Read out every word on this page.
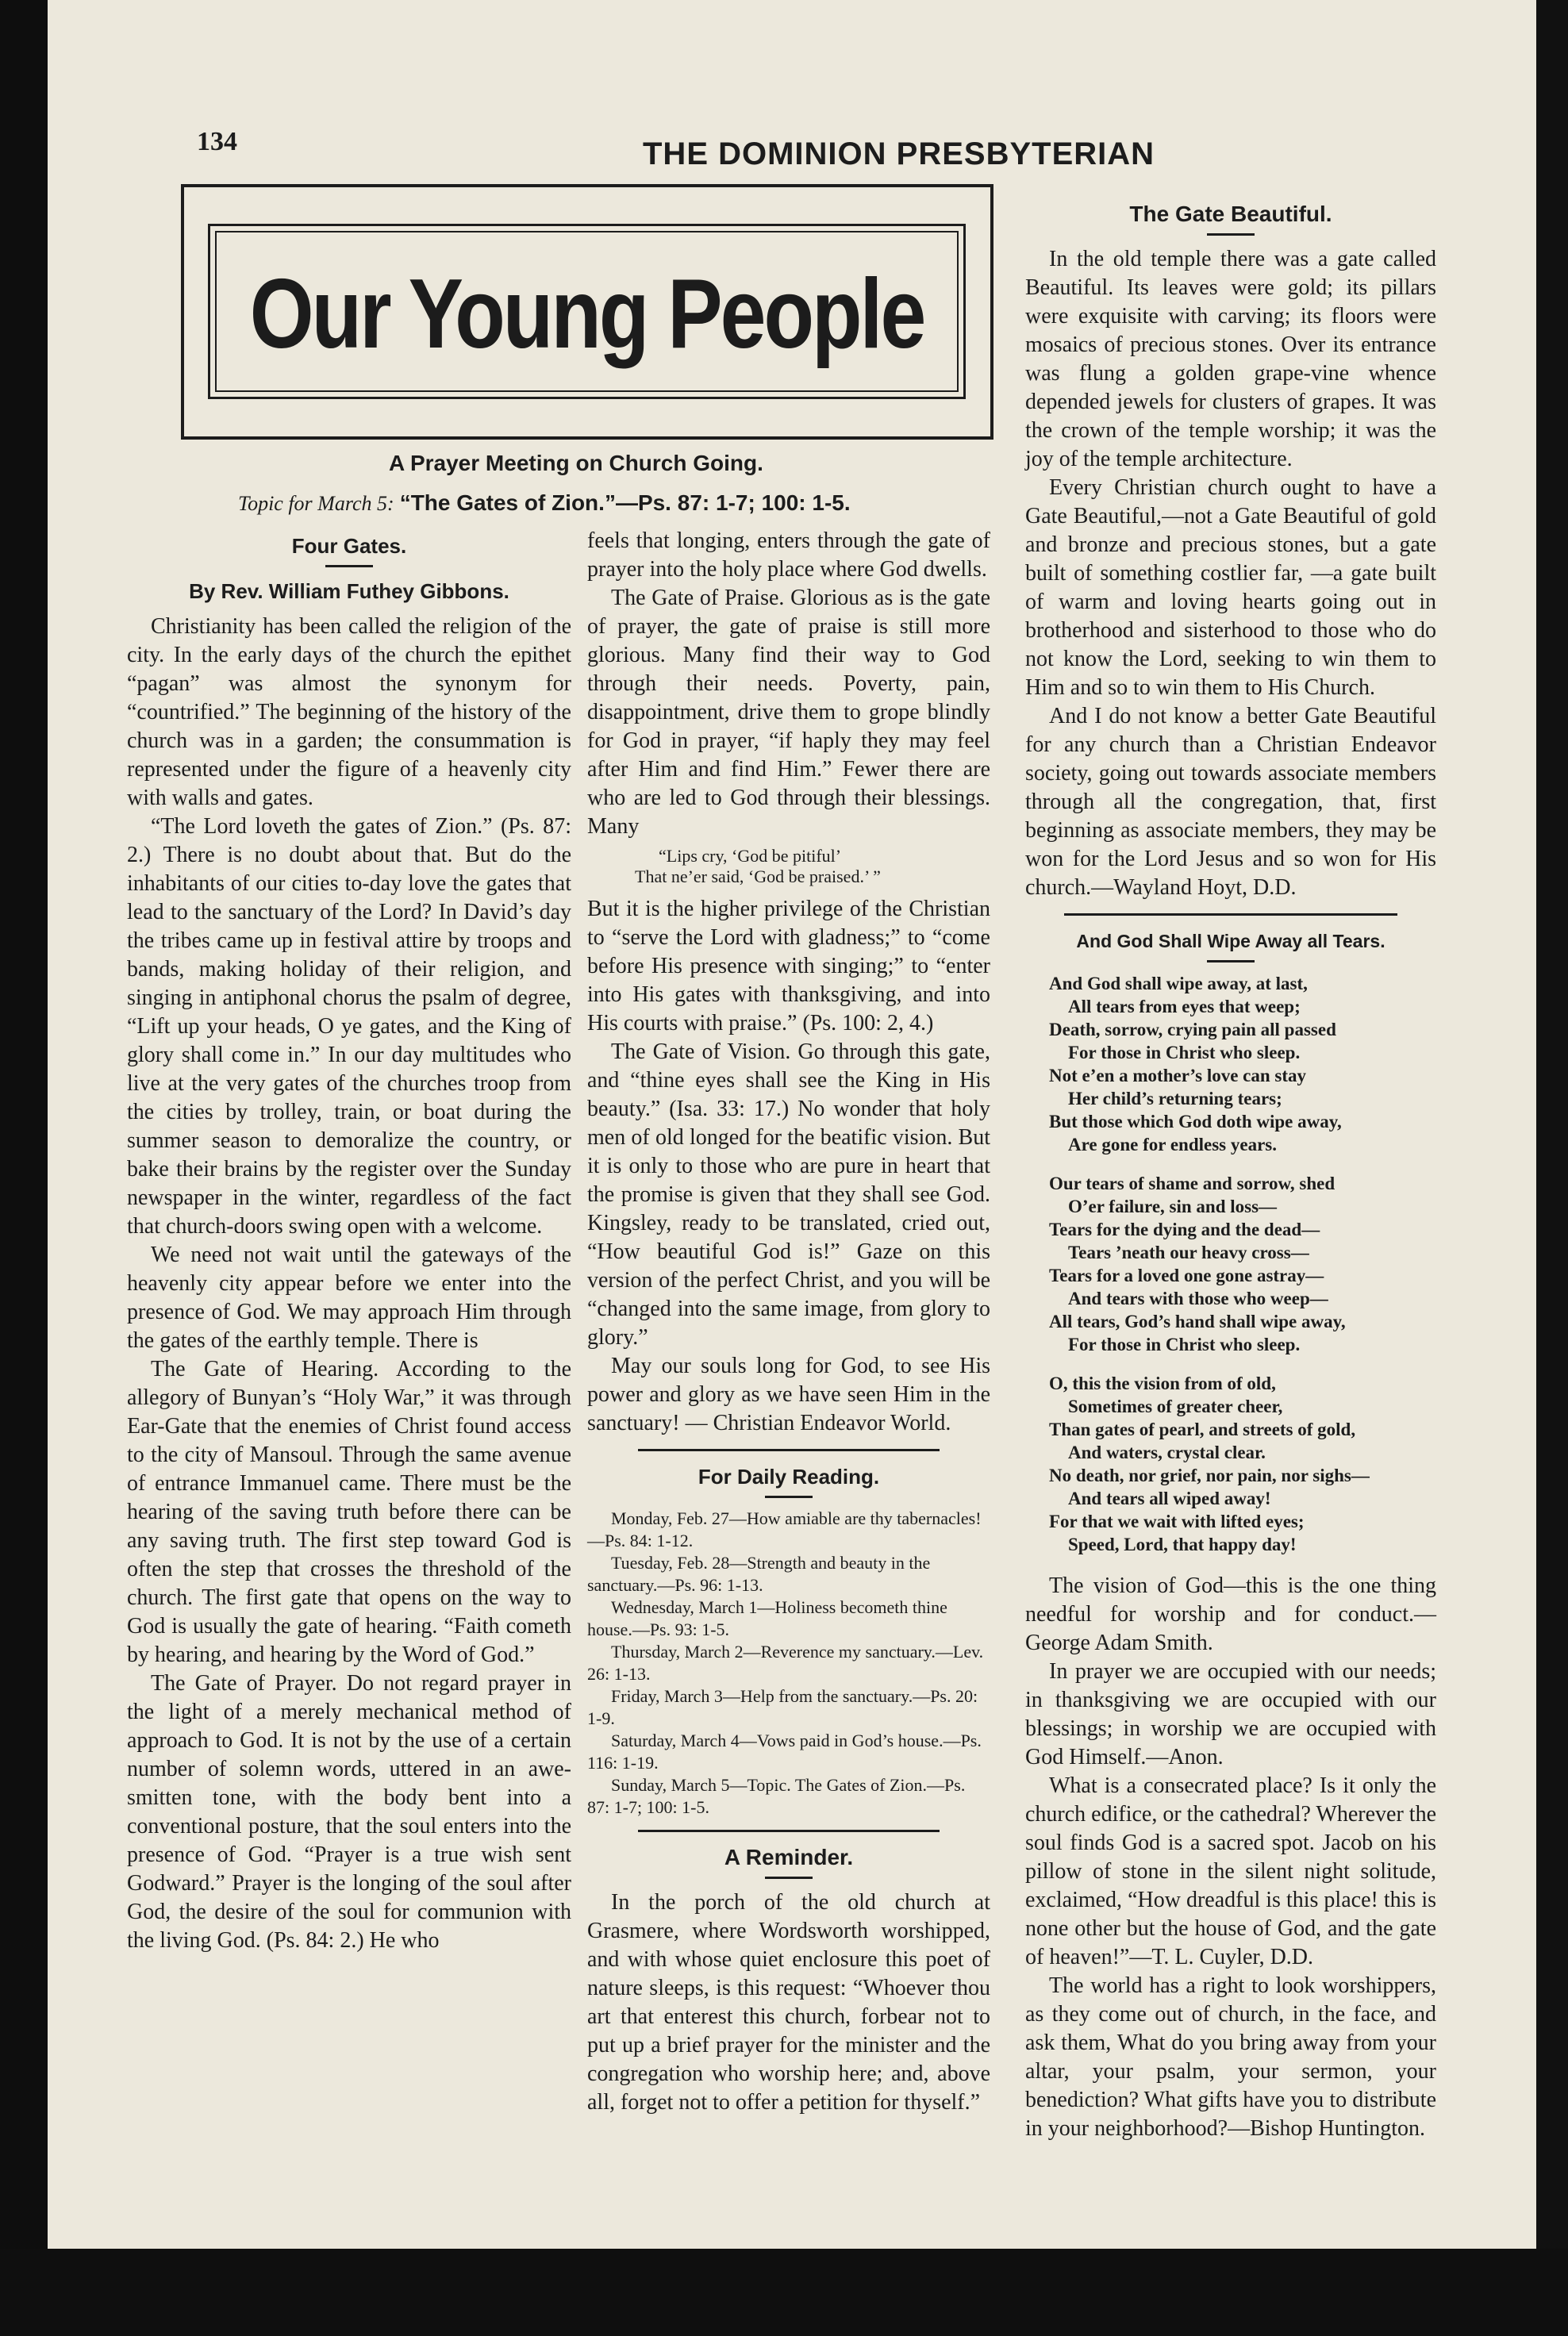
134	THE DOMINION PRESBYTERIAN
Our Young People
A Prayer Meeting on Church Going.
Topic for March 5: “The Gates of Zion.”—Ps. 87: 1-7; 100: 1-5.
Four Gates.
By Rev. William Futhey Gibbons.

Christianity has been called the religion of the city. In the early days of the church the epithet “pagan” was almost the synonym for “countrified.” The beginning of the history of the church was in a garden; the consummation is represented under the figure of a heavenly city with walls and gates.

“The Lord loveth the gates of Zion.” (Ps. 87: 2.) There is no doubt about that. But do the inhabitants of our cities to-day love the gates that lead to the sanctuary of the Lord? In David’s day the tribes came up in festival attire by troops and bands, making holiday of their religion, and singing in antiphonal chorus the psalm of degree, “Lift up your heads, O ye gates, and the King of glory shall come in.” In our day multitudes who live at the very gates of the churches troop from the cities by trolley, train, or boat during the summer season to demoralize the country, or bake their brains by the register over the Sunday newspaper in the winter, regardless of the fact that church-doors swing open with a welcome.

We need not wait until the gateways of the heavenly city appear before we enter into the presence of God. We may approach Him through the gates of the earthly temple. There is

The Gate of Hearing. According to the allegory of Bunyan’s “Holy War,” it was through Ear-Gate that the enemies of Christ found access to the city of Mansoul. Through the same avenue of entrance Immanuel came. There must be the hearing of the saving truth before there can be any saving truth. The first step toward God is often the step that crosses the threshold of the church. The first gate that opens on the way to God is usually the gate of hearing. “Faith cometh by hearing, and hearing by the Word of God.”

The Gate of Prayer. Do not regard prayer in the light of a merely mechanical method of approach to God. It is not by the use of a certain number of solemn words, uttered in an awe-smitten tone, with the body bent into a conventional posture, that the soul enters into the presence of God. “Prayer is a true wish sent Godward.” Prayer is the longing of the soul after God, the desire of the soul for communion with the living God. (Ps. 84: 2.) He who

feels that longing, enters through the gate of prayer into the holy place where God dwells.

The Gate of Praise. Glorious as is the gate of prayer, the gate of praise is still more glorious. Many find their way to God through their needs. Poverty, pain, disappointment, drive them to grope blindly for God in prayer, “if haply they may feel after Him and find Him.” Fewer there are who are led to God through their blessings. Many

“Lips cry, ‘God be pitiful’
That ne’er said, ‘God be praised.’ ”

But it is the higher privilege of the Christian to “serve the Lord with gladness;” to “come before His presence with singing;” to “enter into His gates with thanksgiving, and into His courts with praise.” (Ps. 100: 2, 4.)

The Gate of Vision. Go through this gate, and “thine eyes shall see the King in His beauty.” (Isa. 33: 17.) No wonder that holy men of old longed for the beatific vision. But it is only to those who are pure in heart that the promise is given that they shall see God. Kingsley, ready to be translated, cried out, “How beautiful God is!” Gaze on this version of the perfect Christ, and you will be “changed into the same image, from glory to glory.”

May our souls long for God, to see His power and glory as we have seen Him in the sanctuary! — Christian Endeavor World.

For Daily Reading.
Monday, Feb. 27—How amiable are thy tabernacles!—Ps. 84: 1-12.
Tuesday, Feb. 28—Strength and beauty in the sanctuary.—Ps. 96: 1-13.
Wednesday, March 1—Holiness becometh thine house.—Ps. 93: 1-5.
Thursday, March 2—Reverence my sanctuary.—Lev. 26: 1-13.
Friday, March 3—Help from the sanctuary.—Ps. 20: 1-9.
Saturday, March 4—Vows paid in God’s house.—Ps. 116: 1-19.
Sunday, March 5—Topic. The Gates of Zion.—Ps. 87: 1-7; 100: 1-5.
A Reminder.

In the porch of the old church at Grasmere, where Wordsworth worshipped, and with whose quiet enclosure this poet of nature sleeps, is this request: “Whoever thou art that enterest this church, forbear not to put up a brief prayer for the minister and the congregation who worship here; and, above all, forget not to offer a petition for thyself.”

The Gate Beautiful.

In the old temple there was a gate called Beautiful. Its leaves were gold; its pillars were exquisite with carving; its floors were mosaics of precious stones. Over its entrance was flung a golden grape-vine whence depended jewels for clusters of grapes. It was the crown of the temple worship; it was the joy of the temple architecture.

Every Christian church ought to have a Gate Beautiful,—not a Gate Beautiful of gold and bronze and precious stones, but a gate built of something costlier far, —a gate built of warm and loving hearts going out in brotherhood and sisterhood to those who do not know the Lord, seeking to win them to Him and so to win them to His Church.

And I do not know a better Gate Beautiful for any church than a Christian Endeavor society, going out towards associate members through all the congregation, that, first beginning as associate members, they may be won for the Lord Jesus and so won for His church.—Wayland Hoyt, D.D.

And God Shall Wipe Away all Tears.
And God shall wipe away, at last,
All tears from eyes that weep;
Death, sorrow, crying pain all passed
For those in Christ who sleep.
Not e’en a mother’s love can stay
Her child’s returning tears;
But those which God doth wipe away,
Are gone for endless years.
Our tears of shame and sorrow, shed
O’er failure, sin and loss—
Tears for the dying and the dead—
Tears ’neath our heavy cross—
Tears for a loved one gone astray—
And tears with those who weep—
All tears, God’s hand shall wipe away,
For those in Christ who sleep.
O, this the vision from of old,
Sometimes of greater cheer,
Than gates of pearl, and streets of gold,
And waters, crystal clear.
No death, nor grief, nor pain, nor sighs—
And tears all wiped away!
For that we wait with lifted eyes;
Speed, Lord, that happy day!

The vision of God—this is the one thing needful for worship and for conduct.—George Adam Smith.

In prayer we are occupied with our needs; in thanksgiving we are occupied with our blessings; in worship we are occupied with God Himself.—Anon.

What is a consecrated place? Is it only the church edifice, or the cathedral? Wherever the soul finds God is a sacred spot. Jacob on his pillow of stone in the silent night solitude, exclaimed, “How dreadful is this place! this is none other but the house of God, and the gate of heaven!”—T. L. Cuyler, D.D.

The world has a right to look worshippers, as they come out of church, in the face, and ask them, What do you bring away from your altar, your psalm, your sermon, your benediction? What gifts have you to distribute in your neighborhood?—Bishop Huntington.
